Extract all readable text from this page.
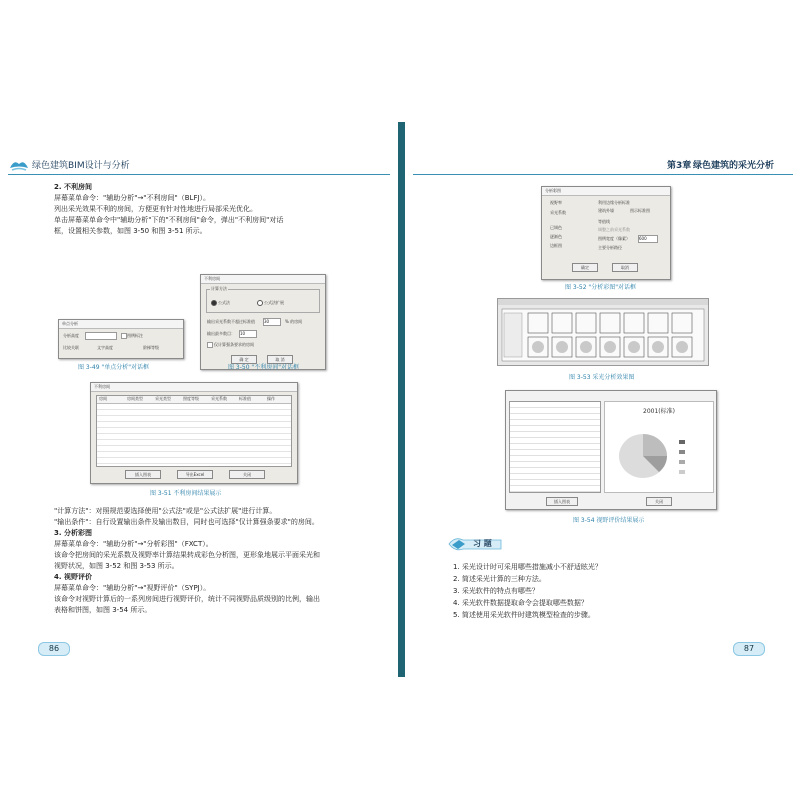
绿色建筑BIM设计与分析
2. 不利房间
屏幕菜单命令："辅助分析"→"不利房间"（BLFJ）。
列出采光效果不利的房间，方便更有针对性地进行局部采光优化。
单击屏幕菜单命令中"辅助分析"下的"不利房间"命令，弹出"不利房间"对话
框，设置相关参数，如图 3-50 和图 3-51 所示。
单点分析
分析高度	图例标注
比较关联	文字高度	阶梯等级
不利房间
计算方法
公式法	公式法扩展
输出采光系数不超过标准值 30	% 的房间
输出最多数目： 10
仅计算强条要求的房间
确 定	取 消
图 3-49 "单点分析"对话框	图 3-50 "不利房间"对话框
不利房间
房间	房间类型	采光类型	照度等级	采光系数	标准值	操作
插入图表	导出Excel	关闭
图 3-51 不利房间结果展示
"计算方法"：对照规范要选择使用"公式法"或是"公式法扩展"进行计算。
"输出条件"：自行设置输出条件及输出数目，同时也可选择"仅计算强条要求"的房间。
3. 分析彩图
屏幕菜单命令："辅助分析"→"分析彩图"（FXCT）。
该命令把房间的采光系数及视野率计算结果转成彩色分析图，更形象地展示平面采光和
视野状况，如图 3-52 和图 3-53 所示。
4. 视野评价
屏幕菜单命令："辅助分析"→"视野评价"（SYPJ）。
该命令对视野计算后的一系列房间进行视野评价，统计不同视野品质级别的比例，输出
表格和饼图，如图 3-54 所示。
86
第3章 绿色建筑的采光分析
分析彩图
视野率
采光系数
利用边缘分析标准
建筑外墙	图示标准图
已调色
逐渐色
边框图
等值线
调整之前采光系数
图例宽度（像素） 600
主要分析路径
确定	取消
图 3-52 "分析彩图"对话框
图 3-53 采光分析效果图
2001(标准)
插入图表	关闭
图 3-54 视野评价结果展示
习 题
1. 采光设计时可采用哪些措施减小不舒适眩光？
2. 简述采光计算的三种方法。
3. 采光软件的特点有哪些？
4. 采光软件数据提取命令会提取哪些数据？
5. 简述使用采光软件时建筑模型检查的步骤。
87
